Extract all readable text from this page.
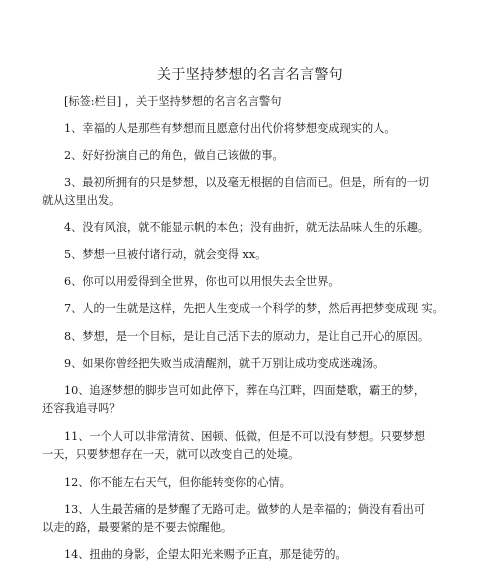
关于坚持梦想的名言名言警句
[标签:栏目] ，关于坚持梦想的名言名言警句
1、幸福的人是那些有梦想而且愿意付出代价将梦想变成现实的人。
2、好好扮演自己的角色，做自己该做的事。
3、最初所拥有的只是梦想，以及毫无根据的自信而已。但是，所有的一切
就从这里出发。
4、没有风浪，就不能显示帆的本色；没有曲折，就无法品味人生的乐趣。
5、梦想一旦被付诸行动，就会变得 xx。
6、你可以用爱得到全世界，你也可以用恨失去全世界。
7、人的一生就是这样，先把人生变成一个科学的梦，然后再把梦变成现 实。
8、梦想，是一个目标，是让自己活下去的原动力，是让自己开心的原因。
9、如果你曾经把失败当成清醒剂，就千万别让成功变成迷魂汤。
10、追逐梦想的脚步岂可如此停下，葬在乌江畔，四面楚歌，霸王的梦，
还容我追寻吗？
11、一个人可以非常清贫、困顿、低微，但是不可以没有梦想。只要梦想
一天，只要梦想存在一天，就可以改变自己的处境。
12、你不能左右天气，但你能转变你的心情。
13、人生最苦痛的是梦醒了无路可走。做梦的人是幸福的；倘没有看出可
以走的路，最要紧的是不要去惊醒他。
14、扭曲的身影，企望太阳光来赐予正直，那是徒劳的。
